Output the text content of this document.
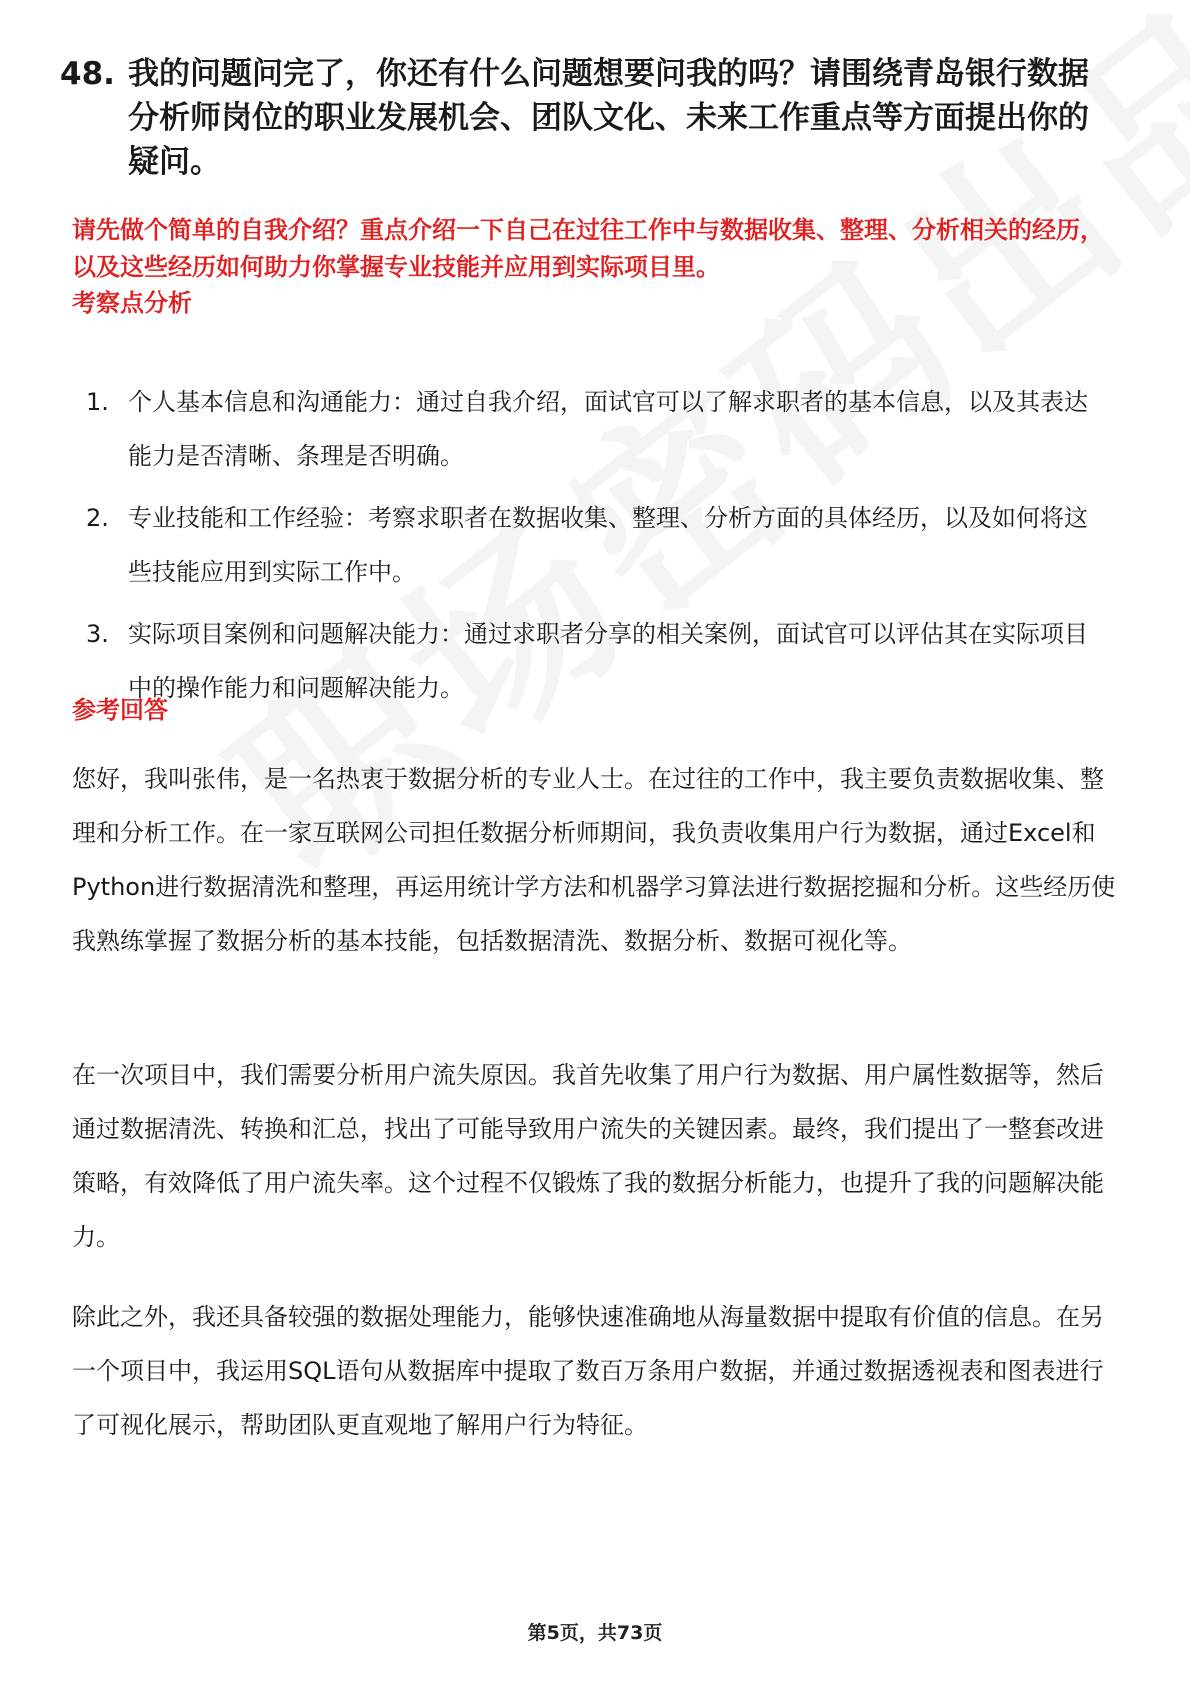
48. 我的问题问完了，你还有什么问题想要问我的吗？请围绕青岛银行数据分析师岗位的职业发展机会、团队文化、未来工作重点等方面提出你的疑问。
请先做个简单的自我介绍？重点介绍一下自己在过往工作中与数据收集、整理、分析相关的经历，以及这些经历如何助力你掌握专业技能并应用到实际项目里。
考察点分析
1. 个人基本信息和沟通能力：通过自我介绍，面试官可以了解求职者的基本信息，以及其表达能力是否清晰、条理是否明确。
2. 专业技能和工作经验：考察求职者在数据收集、整理、分析方面的具体经历，以及如何将这些技能应用到实际工作中。
3. 实际项目案例和问题解决能力：通过求职者分享的相关案例，面试官可以评估其在实际项目中的操作能力和问题解决能力。
参考回答

您好，我叫张伟，是一名热衷于数据分析的专业人士。在过往的工作中，我主要负责数据收集、整理和分析工作。在一家互联网公司担任数据分析师期间，我负责收集用户行为数据，通过Excel和Python进行数据清洗和整理，再运用统计学方法和机器学习算法进行数据挖掘和分析。这些经历使我熟练掌握了数据分析的基本技能，包括数据清洗、数据分析、数据可视化等。

在一次项目中，我们需要分析用户流失原因。我首先收集了用户行为数据、用户属性数据等，然后通过数据清洗、转换和汇总，找出了可能导致用户流失的关键因素。最终，我们提出了一整套改进策略，有效降低了用户流失率。这个过程不仅锻炼了我的数据分析能力，也提升了我的问题解决能力。

除此之外，我还具备较强的数据处理能力，能够快速准确地从海量数据中提取有价值的信息。在另一个项目中，我运用SQL语句从数据库中提取了数百万条用户数据，并通过数据透视表和图表进行了可视化展示，帮助团队更直观地了解用户行为特征。

第5页，共73页
